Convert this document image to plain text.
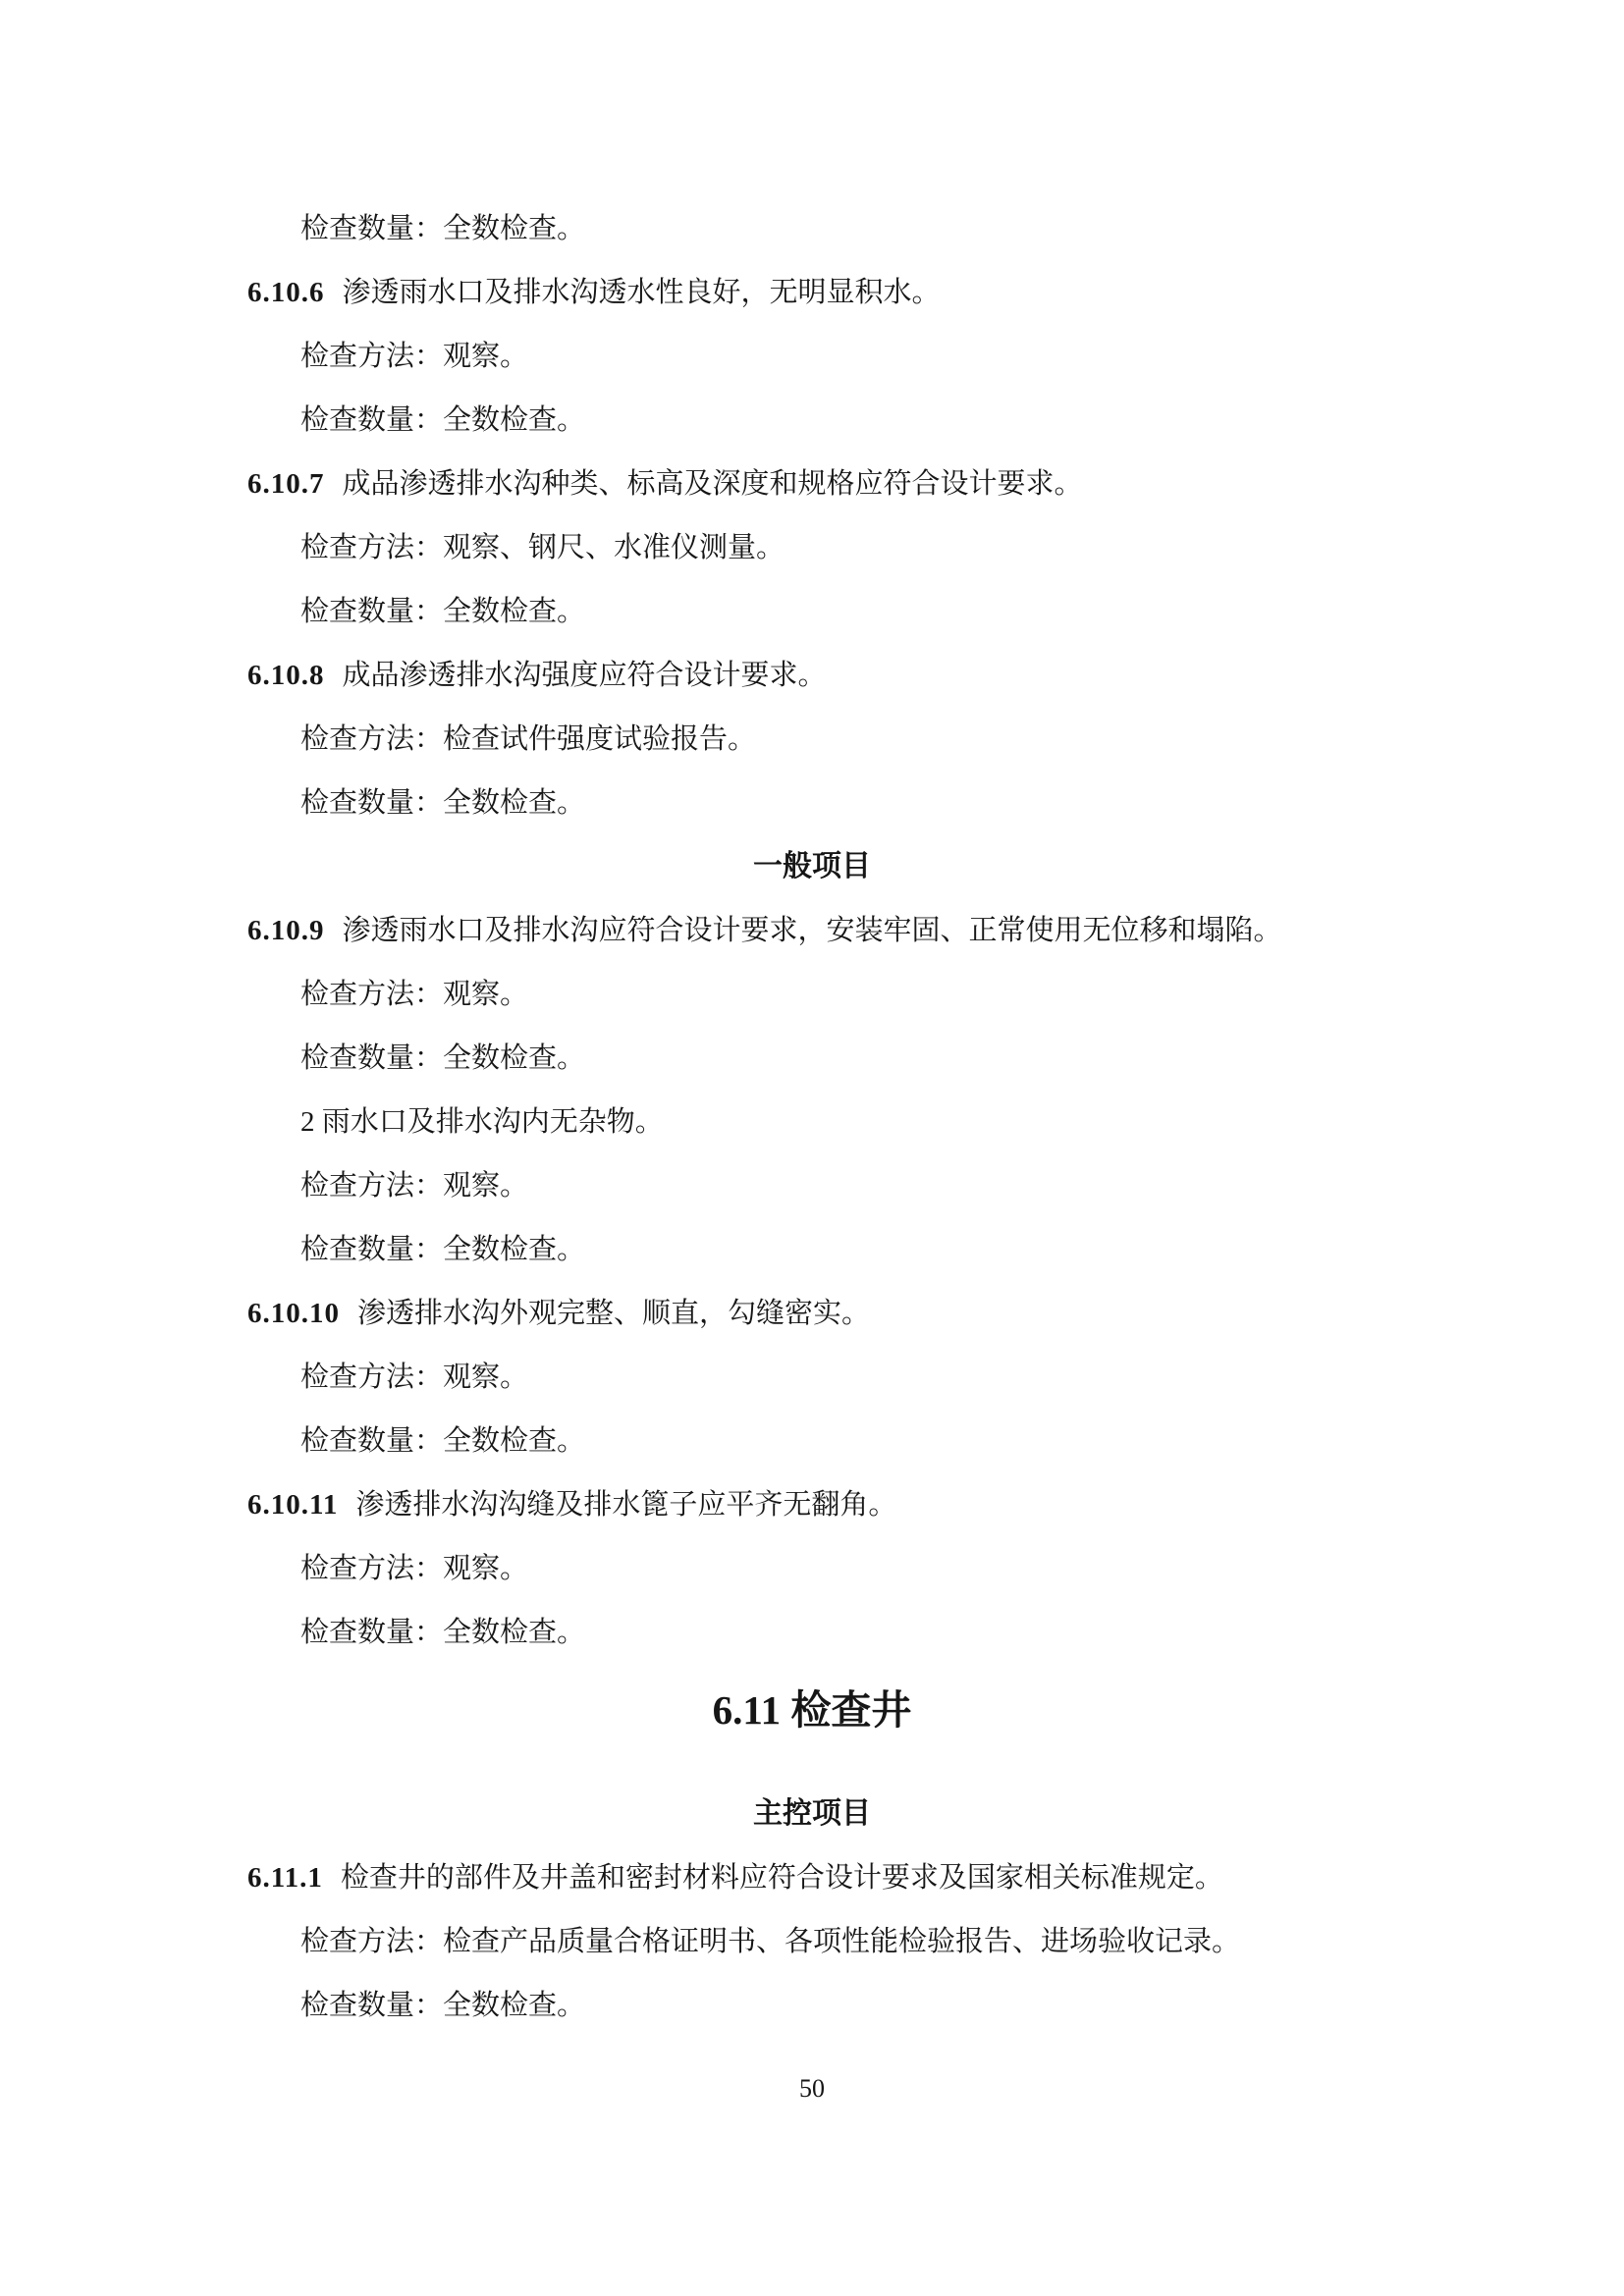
检查数量：全数检查。
6.10.6 渗透雨水口及排水沟透水性良好，无明显积水。
检查方法：观察。
检查数量：全数检查。
6.10.7 成品渗透排水沟种类、标高及深度和规格应符合设计要求。
检查方法：观察、钢尺、水准仪测量。
检查数量：全数检查。
6.10.8 成品渗透排水沟强度应符合设计要求。
检查方法：检查试件强度试验报告。
检查数量：全数检查。
一般项目
6.10.9 渗透雨水口及排水沟应符合设计要求，安装牢固、正常使用无位移和塌陷。
检查方法：观察。
检查数量：全数检查。
2 雨水口及排水沟内无杂物。
检查方法：观察。
检查数量：全数检查。
6.10.10 渗透排水沟外观完整、顺直，勾缝密实。
检查方法：观察。
检查数量：全数检查。
6.10.11 渗透排水沟沟缝及排水篦子应平齐无翻角。
检查方法：观察。
检查数量：全数检查。
6.11 检查井
主控项目
6.11.1 检查井的部件及井盖和密封材料应符合设计要求及国家相关标准规定。
检查方法：检查产品质量合格证明书、各项性能检验报告、进场验收记录。
检查数量：全数检查。
50
